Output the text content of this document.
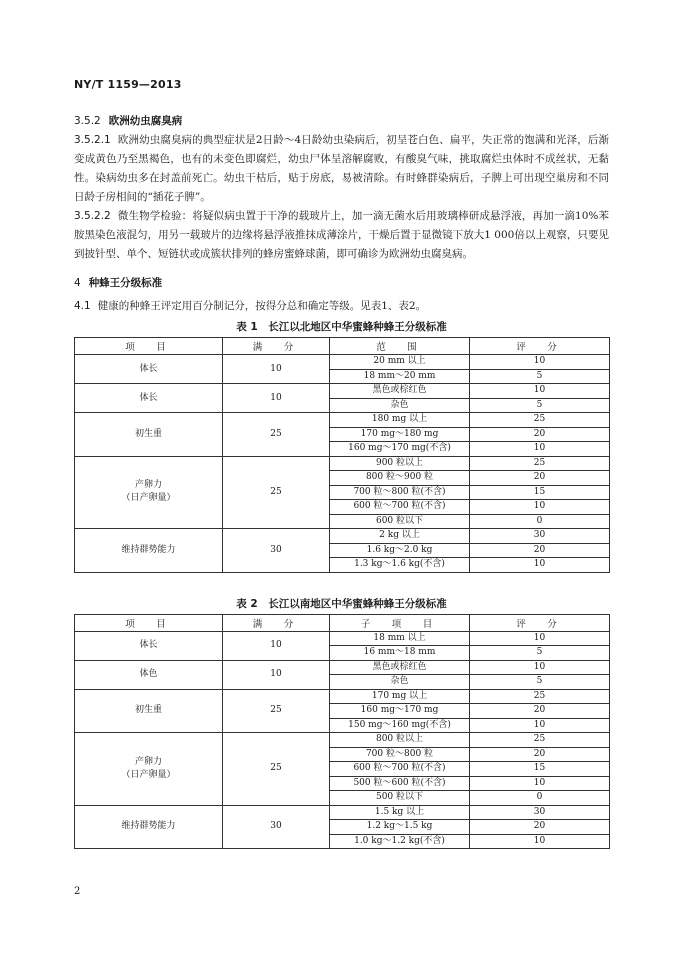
NY/T 1159—2013

3.5.2 欧洲幼虫腐臭病

3.5.2.1 欧洲幼虫腐臭病的典型症状是2日龄～4日龄幼虫染病后，初呈苍白色、扁平，失正常的饱满和光泽，后渐变成黄色乃至黑褐色，也有的未变色即腐烂，幼虫尸体呈溶解腐败，有酸臭气味，挑取腐烂虫体时不成丝状，无黏性。染病幼虫多在封盖前死亡。幼虫干枯后，贴于房底，易被清除。有时蜂群染病后，子脾上可出现空巢房和不同日龄子房相间的“插花子脾”。

3.5.2.2 微生物学检验：将疑似病虫置于干净的载玻片上，加一滴无菌水后用玻璃棒研成悬浮液，再加一滴10%苯胺黑染色液混匀，用另一载玻片的边缘将悬浮液推抹成薄涂片，干燥后置于显微镜下放大1 000倍以上观察，只要见到披针型、单个、短链状或成簇状排列的蜂房蜜蜂球菌，即可确诊为欧洲幼虫腐臭病。

4 种蜂王分级标准

4.1 健康的种蜂王评定用百分制记分，按得分总和确定等级。见表1、表2。

表 1　长江以北地区中华蜜蜂种蜂王分级标准
项　目	满　分	范　围	评　分

体长	10	20 mm 以上	10
		18 mm～20 mm	5

体长	10	黑色或棕红色	10
		杂色	5

初生重	25	180 mg 以上	25
		170 mg～180 mg	20
		160 mg～170 mg(不含)	10

产卵力
（日产卵量）	25	900 粒以上	25
		800 粒～900 粒	20
		700 粒～800 粒(不含)	15
		600 粒～700 粒(不含)	10
		600 粒以下	0

维持群势能力	30	2 kg 以上	30
		1.6 kg～2.0 kg	20
		1.3 kg～1.6 kg(不含)	10
表 2　长江以南地区中华蜜蜂种蜂王分级标准
项　目	满　分	子　项　目	评　分

体长	10	18 mm 以上	10
		16 mm～18 mm	5

体色	10	黑色或棕红色	10
		杂色	5

初生重	25	170 mg 以上	25
		160 mg～170 mg	20
		150 mg～160 mg(不含)	10

产卵力
（日产卵量）	25	800 粒以上	25
		700 粒～800 粒	20
		600 粒～700 粒(不含)	15
		500 粒～600 粒(不含)	10
		500 粒以下	0

维持群势能力	30	1.5 kg 以上	30
		1.2 kg～1.5 kg	20
		1.0 kg～1.2 kg(不含)	10
2
